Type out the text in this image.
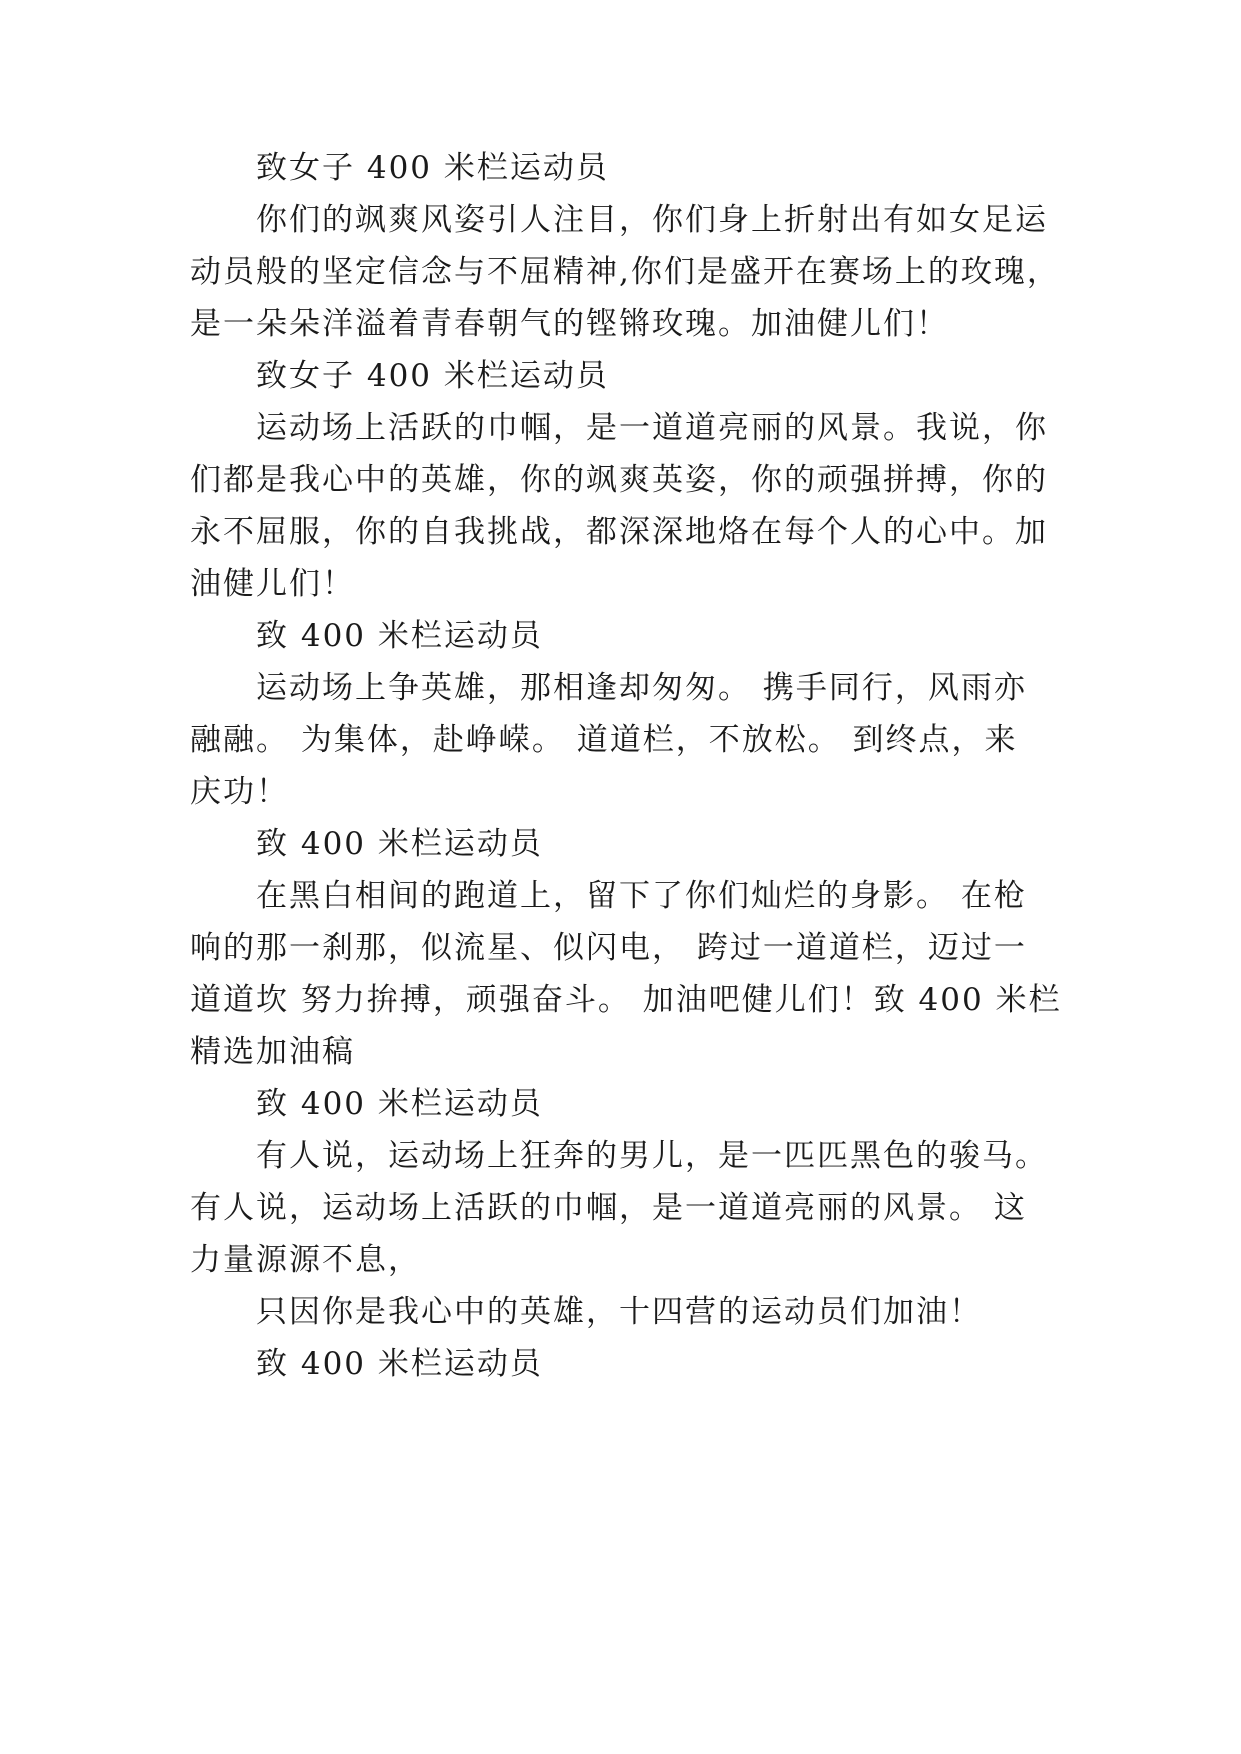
致女子 400 米栏运动员

你们的飒爽风姿引人注目，你们身上折射出有如女足运

动员般的坚定信念与不屈精神,你们是盛开在赛场上的玫瑰，

是一朵朵洋溢着青春朝气的铿锵玫瑰。加油健儿们！

致女子 400 米栏运动员

运动场上活跃的巾帼，是一道道亮丽的风景。我说，你

们都是我心中的英雄，你的飒爽英姿，你的顽强拼搏，你的

永不屈服，你的自我挑战，都深深地烙在每个人的心中。加

油健儿们！

致 400 米栏运动员

运动场上争英雄，那相逢却匆匆。 携手同行，风雨亦

融融。 为集体，赴峥嵘。 道道栏，不放松。 到终点，来

庆功！

致 400 米栏运动员

在黑白相间的跑道上，留下了你们灿烂的身影。 在枪

响的那一刹那，似流星、似闪电， 跨过一道道栏，迈过一

道道坎 努力拚搏，顽强奋斗。 加油吧健儿们！致 400 米栏

精选加油稿

致 400 米栏运动员

有人说，运动场上狂奔的男儿，是一匹匹黑色的骏马。

有人说，运动场上活跃的巾帼，是一道道亮丽的风景。 这

力量源源不息，

只因你是我心中的英雄，十四营的运动员们加油！

致 400 米栏运动员
